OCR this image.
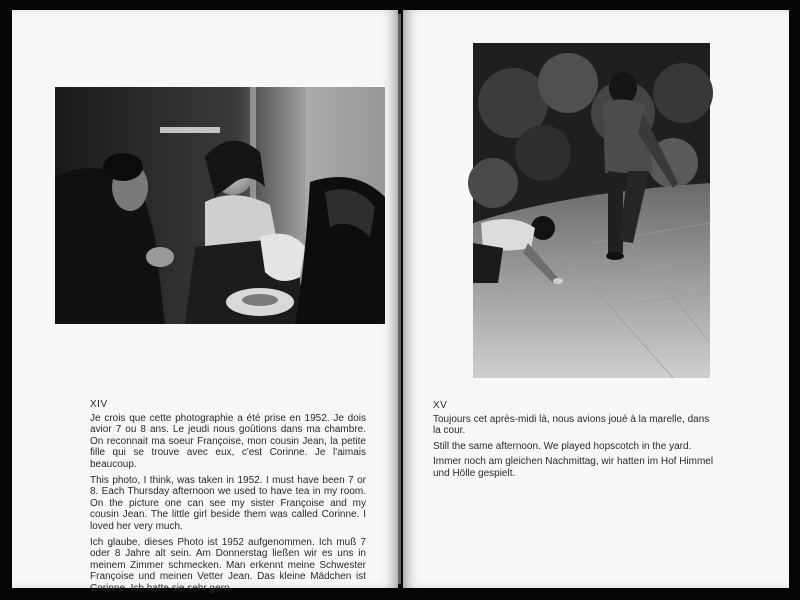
XIV

Je crois que cette photographie a été prise en 1952. Je dois avior 7 ou 8 ans. Le jeudi nous goûtions dans ma chambre. On reconnait ma soeur Françoise, mon cousin Jean, la petite fille qui se trouve avec eux, c'est Corinne. Je l'aimais beaucoup.

This photo, I think, was taken in 1952. I must have been 7 or 8. Each Thursday afternoon we used to have tea in my room. On the picture one can see my sister Françoise and my cousin Jean. The little girl beside them was called Corinne. I loved her very much.

Ich glaube, dieses Photo ist 1952 aufgenommen. Ich muß 7 oder 8 Jahre alt sein. Am Donnerstag ließen wir es uns in meinem Zimmer schmecken. Man erkennt meine Schwester Françoise und meinen Vetter Jean. Das kleine Mädchen ist Corinne. Ich hatte sie sehr gern.

XV

Toujours cet après-midi là, nous avions joué à la marelle, dans la cour.

Still the same afternoon. We played hopscotch in the yard.

Immer noch am gleichen Nachmittag, wir hatten im Hof Himmel und Hölle gespielt.
